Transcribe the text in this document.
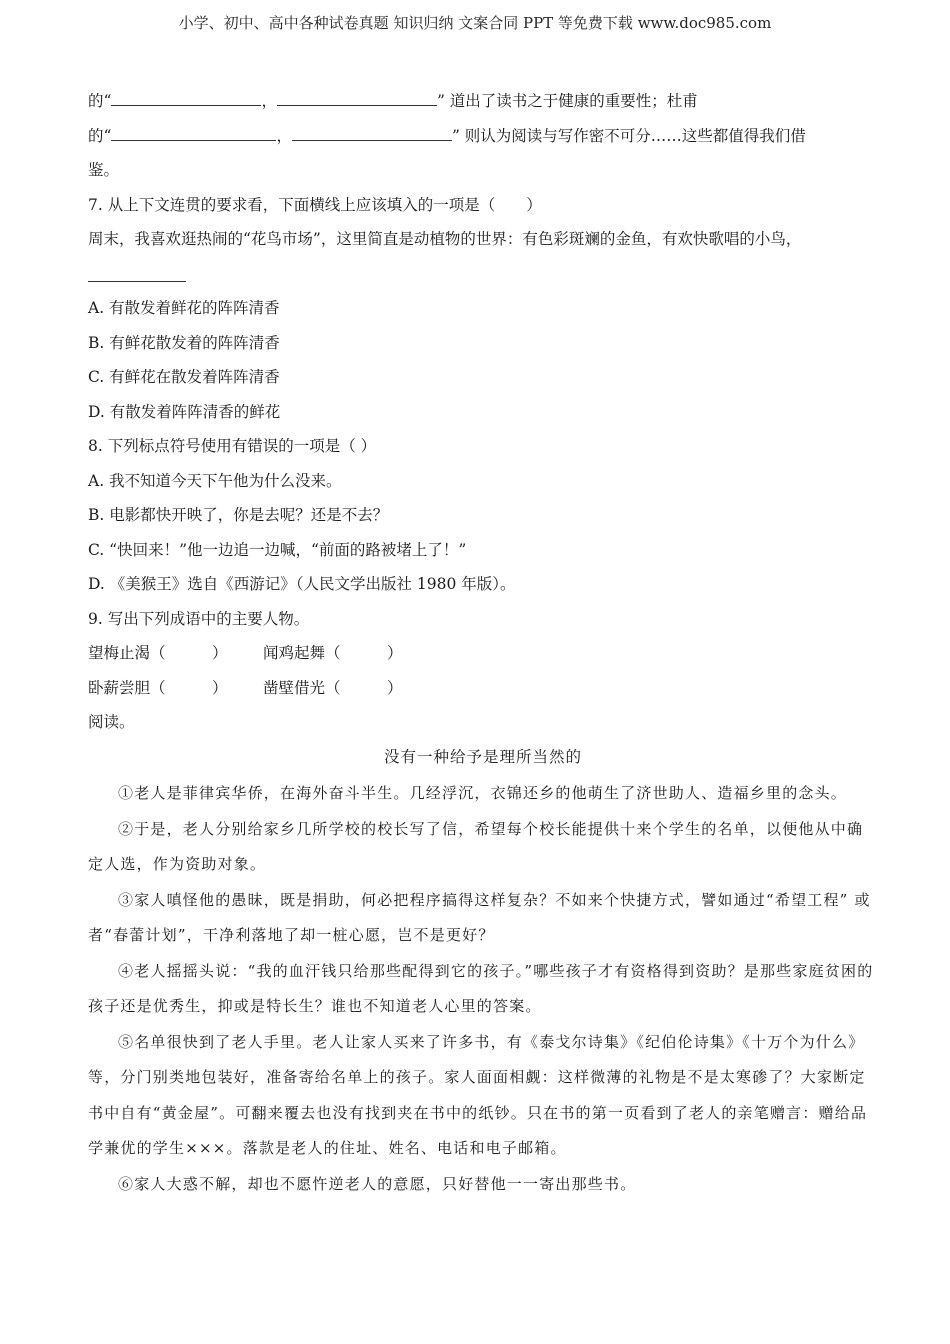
小学、初中、高中各种试卷真题 知识归纳 文案合同 PPT 等免费下载 www.doc985.com
的“	，	” 道出了读书之于健康的重要性；杜甫
的“	，	” 则认为阅读与写作密不可分……这些都值得我们借
鉴。
7. 从上下文连贯的要求看，下面横线上应该填入的一项是（　　）
周末，我喜欢逛热闹的“花鸟市场”，这里简直是动植物的世界：有色彩斑斓的金鱼，有欢快歌唱的小鸟，
A. 有散发着鲜花的阵阵清香
B. 有鲜花散发着的阵阵清香
C. 有鲜花在散发着阵阵清香
D. 有散发着阵阵清香的鲜花
8. 下列标点符号使用有错误的一项是（ ）
A. 我不知道今天下午他为什么没来。
B. 电影都快开映了，你是去呢？还是不去？
C. “快回来！”他一边追一边喊，“前面的路被堵上了！”
D. 《美猴王》选自《西游记》（人民文学出版社 1980 年版）。
9. 写出下列成语中的主要人物。
望梅止渴（　　　） 闻鸡起舞（　　　）
卧薪尝胆（　　　） 凿壁借光（　　　）
阅读。
没有一种给予是理所当然的

①老人是菲律宾华侨，在海外奋斗半生。几经浮沉，衣锦还乡的他萌生了济世助人、造福乡里的念头。

②于是，老人分别给家乡几所学校的校长写了信，希望每个校长能提供十来个学生的名单，以便他从中确定人选，作为资助对象。

③家人嗔怪他的愚昧，既是捐助，何必把程序搞得这样复杂？不如来个快捷方式，譬如通过“希望工程” 或者“春蕾计划”，干净利落地了却一桩心愿，岂不是更好？

④老人摇摇头说：“我的血汗钱只给那些配得到它的孩子。”哪些孩子才有资格得到资助？是那些家庭贫困的孩子还是优秀生，抑或是特长生？谁也不知道老人心里的答案。

⑤名单很快到了老人手里。老人让家人买来了许多书，有《泰戈尔诗集》《纪伯伦诗集》《十万个为什么》等，分门别类地包装好，准备寄给名单上的孩子。家人面面相觑：这样微薄的礼物是不是太寒碜了？大家断定书中自有“黄金屋”。可翻来覆去也没有找到夹在书中的纸钞。只在书的第一页看到了老人的亲笔赠言：赠给品学兼优的学生×××。落款是老人的住址、姓名、电话和电子邮箱。

⑥家人大惑不解，却也不愿忤逆老人的意愿，只好替他一一寄出那些书。
